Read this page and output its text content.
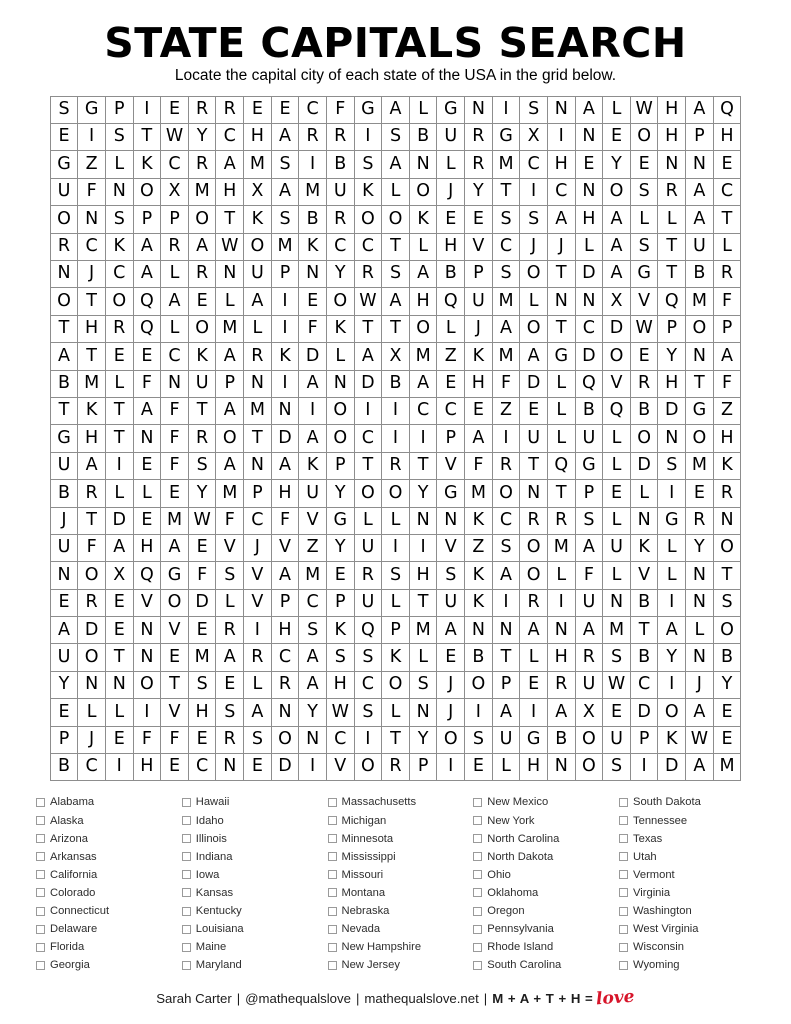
STATE CAPITALS SEARCH

Locate the capital city of each state of the USA in the grid below.

S	G	P	I	E	R	R	E	E	C	F	G	A	L	G	N	I	S	N	A	L	W	H	A	Q
E	I	S	T	W	Y	C	H	A	R	R	I	S	B	U	R	G	X	I	N	E	O	H	P	H
G	Z	L	K	C	R	A	M	S	I	B	S	A	N	L	R	M	C	H	E	Y	E	N	N	E
U	F	N	O	X	M	H	X	A	M	U	K	L	O	J	Y	T	I	C	N	O	S	R	A	C
O	N	S	P	P	O	T	K	S	B	R	O	O	K	E	E	S	S	A	H	A	L	L	A	T
R	C	K	A	R	A	W	O	M	K	C	C	T	L	H	V	C	J	J	L	A	S	T	U	L
N	J	C	A	L	R	N	U	P	N	Y	R	S	A	B	P	S	O	T	D	A	G	T	B	R
O	T	O	Q	A	E	L	A	I	E	O	W	A	H	Q	U	M	L	N	N	X	V	Q	M	F
T	H	R	Q	L	O	M	L	I	F	K	T	T	O	L	J	A	O	T	C	D	W	P	O	P
A	T	E	E	C	K	A	R	K	D	L	A	X	M	Z	K	M	A	G	D	O	E	Y	N	A
B	M	L	F	N	U	P	N	I	A	N	D	B	A	E	H	F	D	L	Q	V	R	H	T	F
T	K	T	A	F	T	A	M	N	I	O	I	I	C	C	E	Z	E	L	B	Q	B	D	G	Z
G	H	T	N	F	R	O	T	D	A	O	C	I	I	P	A	I	U	L	U	L	O	N	O	H
U	A	I	E	F	S	A	N	A	K	P	T	R	T	V	F	R	T	Q	G	L	D	S	M	K
B	R	L	L	E	Y	M	P	H	U	Y	O	O	Y	G	M	O	N	T	P	E	L	I	E	R
J	T	D	E	M	W	F	C	F	V	G	L	L	N	N	K	C	R	R	S	L	N	G	R	N
U	F	A	H	A	E	V	J	V	Z	Y	U	I	I	V	Z	S	O	M	A	U	K	L	Y	O
N	O	X	Q	G	F	S	V	A	M	E	R	S	H	S	K	A	O	L	F	L	V	L	N	T
E	R	E	V	O	D	L	V	P	C	P	U	L	T	U	K	I	R	I	U	N	B	I	N	S
A	D	E	N	V	E	R	I	H	S	K	Q	P	M	A	N	N	A	N	A	M	T	A	L	O
U	O	T	N	E	M	A	R	C	A	S	S	K	L	E	B	T	L	H	R	S	B	Y	N	B
Y	N	N	O	T	S	E	L	R	A	H	C	O	S	J	O	P	E	R	U	W	C	I	J	Y
E	L	L	I	V	H	S	A	N	Y	W	S	L	N	J	I	A	I	A	X	E	D	O	A	E
P	J	E	F	F	E	R	S	O	N	C	I	T	Y	O	S	U	G	B	O	U	P	K	W	E
B	C	I	H	E	C	N	E	D	I	V	O	R	P	I	E	L	H	N	O	S	I	D	A	M
Alabama
Alaska
Arizona
Arkansas
California
Colorado
Connecticut
Delaware
Florida
Georgia
Hawaii
Idaho
Illinois
Indiana
Iowa
Kansas
Kentucky
Louisiana
Maine
Maryland
Massachusetts
Michigan
Minnesota
Mississippi
Missouri
Montana
Nebraska
Nevada
New Hampshire
New Jersey
New Mexico
New York
North Carolina
North Dakota
Ohio
Oklahoma
Oregon
Pennsylvania
Rhode Island
South Carolina
South Dakota
Tennessee
Texas
Utah
Vermont
Virginia
Washington
West Virginia
Wisconsin
Wyoming
Sarah Carter | @mathequalslove | mathequalslove.net | M + A + T + H = love
